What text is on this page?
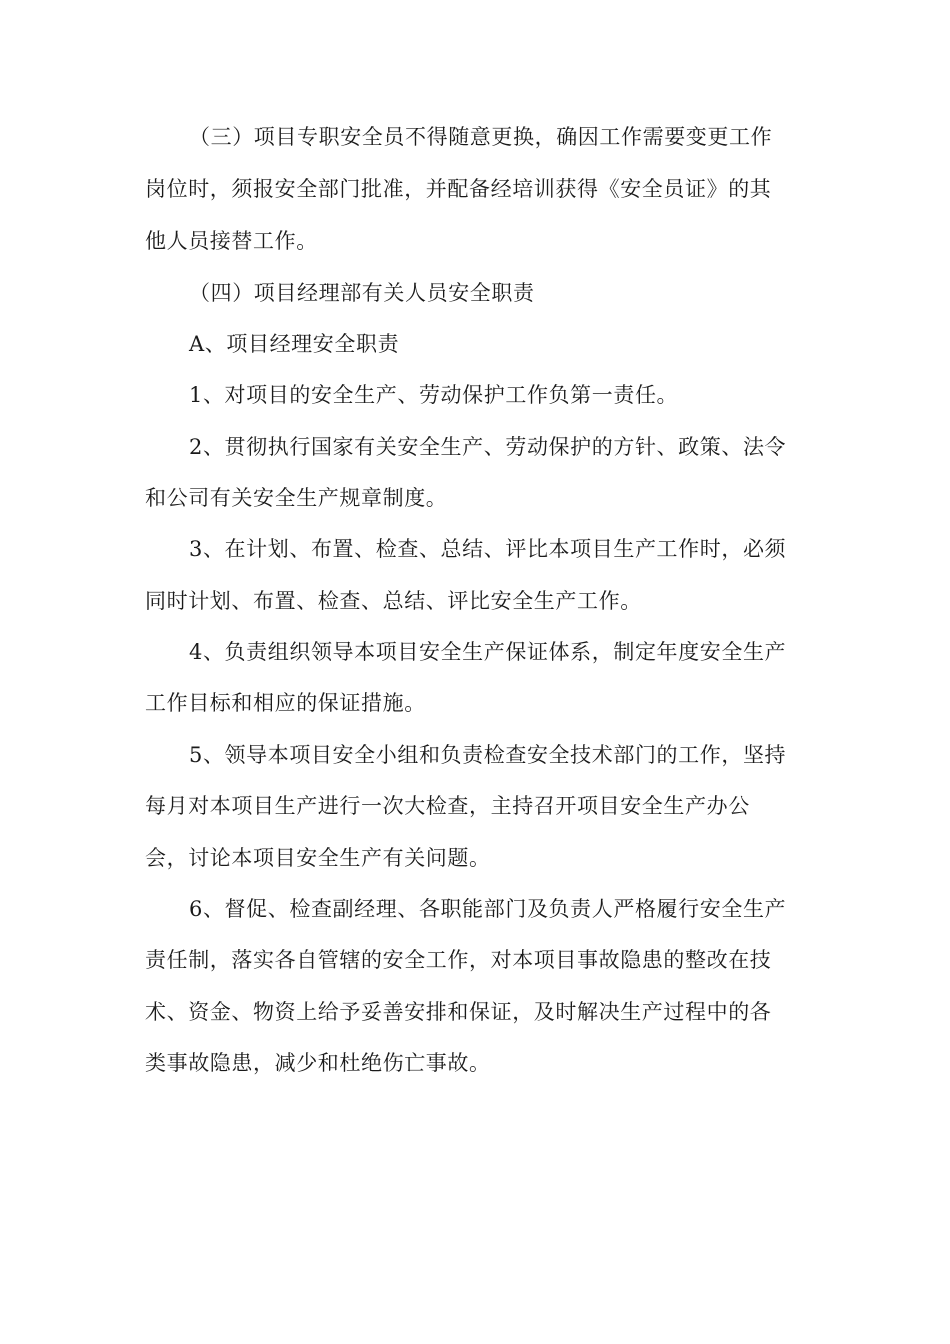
（三）项目专职安全员不得随意更换，确因工作需要变更工作
岗位时，须报安全部门批准，并配备经培训获得《安全员证》的其
他人员接替工作。
（四）项目经理部有关人员安全职责
A、项目经理安全职责
1、对项目的安全生产、劳动保护工作负第一责任。
2、贯彻执行国家有关安全生产、劳动保护的方针、政策、法令
和公司有关安全生产规章制度。
3、在计划、布置、检查、总结、评比本项目生产工作时，必须
同时计划、布置、检查、总结、评比安全生产工作。
4、负责组织领导本项目安全生产保证体系，制定年度安全生产
工作目标和相应的保证措施。
5、领导本项目安全小组和负责检查安全技术部门的工作，坚持
每月对本项目生产进行一次大检查，主持召开项目安全生产办公
会，讨论本项目安全生产有关问题。
6、督促、检查副经理、各职能部门及负责人严格履行安全生产
责任制，落实各自管辖的安全工作，对本项目事故隐患的整改在技
术、资金、物资上给予妥善安排和保证，及时解决生产过程中的各
类事故隐患，减少和杜绝伤亡事故。
